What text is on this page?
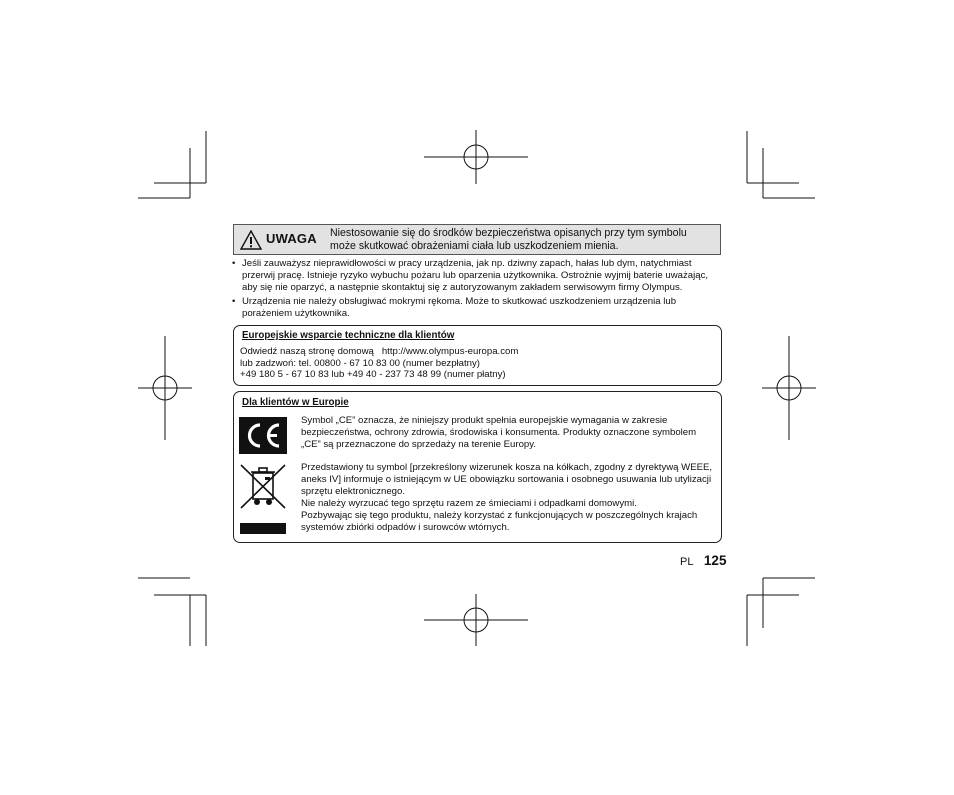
UWAGA Niestosowanie się do środków bezpieczeństwa opisanych przy tym symbolu może skutkować obrażeniami ciała lub uszkodzeniem mienia.
• Jeśli zauważysz nieprawidłowości w pracy urządzenia, jak np. dziwny zapach, hałas lub dym, natychmiast przerwij pracę. Istnieje ryzyko wybuchu pożaru lub oparzenia użytkownika. Ostrożnie wyjmij baterie uważając, aby się nie oparzyć, a następnie skontaktuj się z autoryzowanym zakładem serwisowym firmy Olympus.
• Urządzenia nie należy obsługiwać mokrymi rękoma. Może to skutkować uszkodzeniem urządzenia lub porażeniem użytkownika.
Europejskie wsparcie techniczne dla klientów
Odwiedź naszą stronę domową   http://www.olympus-europa.com
lub zadzwoń: tel. 00800 - 67 10 83 00 (numer bezpłatny)
+49 180 5 - 67 10 83 lub +49 40 - 237 73 48 99 (numer płatny)
Dla klientów w Europie
Symbol „CE” oznacza, że niniejszy produkt spełnia europejskie wymagania w zakresie bezpieczeństwa, ochrony zdrowia, środowiska i konsumenta. Produkty oznaczone symbolem „CE” są przeznaczone do sprzedaży na terenie Europy.
Przedstawiony tu symbol [przekreślony wizerunek kosza na kółkach, zgodny z dyrektywą WEEE, aneks IV] informuje o istniejącym w UE obowiązku sortowania i osobnego usuwania lub utylizacji sprzętu elektronicznego.
Nie należy wyrzucać tego sprzętu razem ze śmieciami i odpadkami domowymi.
Pozbywając się tego produktu, należy korzystać z funkcjonujących w poszczególnych krajach systemów zbiórki odpadów i surowców wtórnych.
PL 125
